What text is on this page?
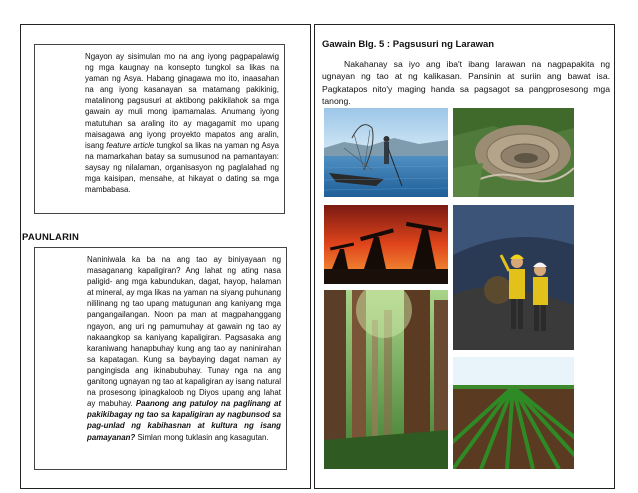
Ngayon ay sisimulan mo na ang iyong pagpapalawig ng mga kaugnay na konsepto tungkol sa likas na yaman ng Asya. Habang ginagawa mo ito, inaasahan na ang iyong kasanayan sa matamang pakikinig, matalinong pagsusuri at aktibong pakikilahok sa mga gawain ay muli mong ipamamalas. Anumang iyong matutuhan sa araling ito ay magagamit mo upang maisagawa ang iyong proyekto mapatos ang aralin, isang feature article tungkol sa likas na yaman ng Asya na mamarkahan batay sa sumusunod na pamantayan: saysay ng nilalaman, organisasyon ng paglalahad ng mga kaisipan, mensahe, at hikayat o dating sa mga mambabasa.
PAUNLARIN
Naniniwala ka ba na ang tao ay biniyayaan ng masaganang kapaligiran? Ang lahat ng ating nasa paligid- ang mga kabundukan, dagat, hayop, halaman at mineral, ay mga likas na yaman na siyang puhunang nililinang ng tao upang matugunan ang kaniyang mga pangangailangan. Noon pa man at magpahanggang ngayon, ang uri ng pamumuhay at gawain ng tao ay nakaangkop sa kaniyang kapaligiran. Pagsasaka ang karaniwang hanapbuhay kung ang tao ay naninirahan sa kapatagan. Kung sa baybaying dagat naman ay pangingisda ang ikinabubuhay. Tunay nga na ang ganitong ugnayan ng tao at kapaligiran ay isang natural na prosesong ipinagkaloob ng Diyos upang ang lahat ay mabuhay. Paanong ang patuloy na paglinang at pakikibagay ng tao sa kapaligiran ay nagbunsod sa pag-unlad ng kabihasnan at kultura ng isang pamayanan? Simlan mong tuklasin ang kasagutan.
Gawain Blg. 5 : Pagsusuri ng Larawan
Nakahanay sa iyo ang iba't ibang larawan na nagpapakita ng ugnayan ng tao at ng kalikasan. Pansinin at suriin ang bawat isa. Pagkatapos nito'y maging handa sa pagsagot sa pangprosesong mga tanong.
